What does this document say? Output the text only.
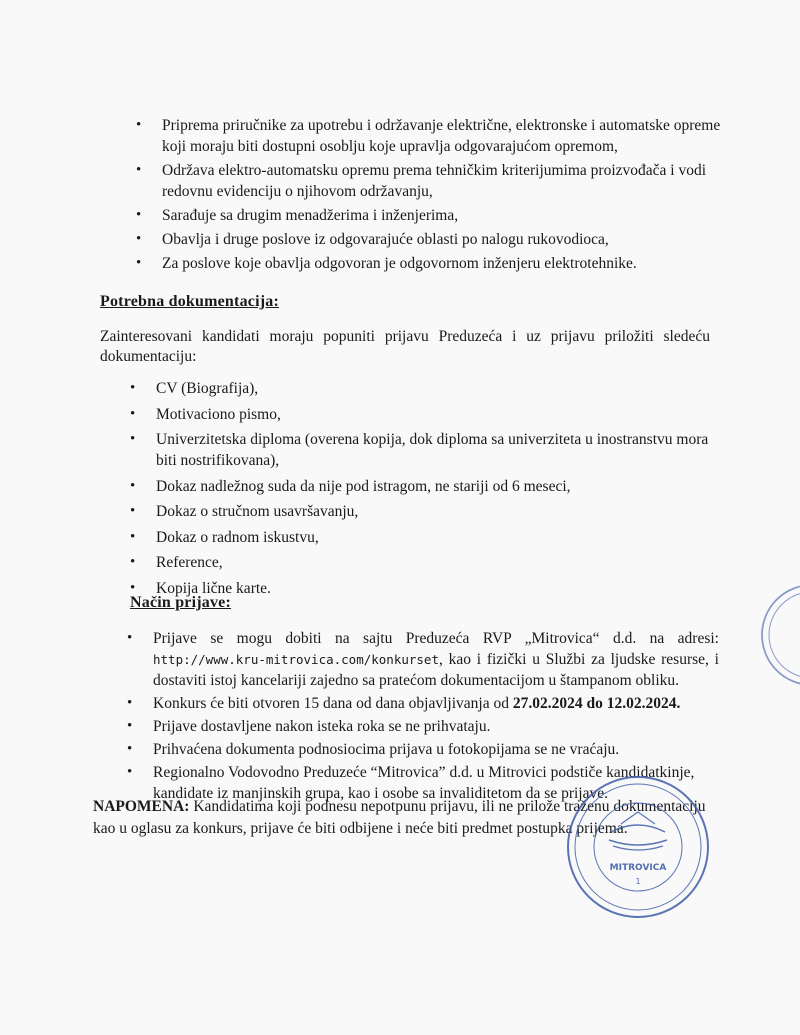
• Priprema priručnike za upotrebu i održavanje električne, elektronske i automatske opreme koji moraju biti dostupni osoblju koje upravlja odgovarajućom opremom,
• Održava elektro-automatsku opremu prema tehničkim kriterijumima proizvođača i vodi redovnu evidenciju o njihovom održavanju,
• Sarađuje sa drugim menadžerima i inženjerima,
• Obavlja i druge poslove iz odgovarajuće oblasti po nalogu rukovodioca,
• Za poslove koje obavlja odgovoran je odgovornom inženjeru elektrotehnike.
Potrebna dokumentacija:
Zainteresovani kandidati moraju popuniti prijavu Preduzeća i uz prijavu priložiti sledeću dokumentaciju:
• CV (Biografija),
• Motivaciono pismo,
• Univerzitetska diploma (overena kopija, dok diploma sa univerziteta u inostranstvu mora biti nostrifikovana),
• Dokaz nadležnog suda da nije pod istragom, ne stariji od 6 meseci,
• Dokaz o stručnom usavršavanju,
• Dokaz o radnom iskustvu,
• Reference,
• Kopija lične karte.
Način prijave:
• Prijave se mogu dobiti na sajtu Preduzeća RVP „Mitrovica“ d.d. na adresi: http://www.kru-mitrovica.com/konkurset, kao i fizički u Službi za ljudske resurse, i dostaviti istoj kancelariji zajedno sa pratećom dokumentacijom u štampanom obliku.
• Konkurs će biti otvoren 15 dana od dana objavljivanja od 27.02.2024 do 12.02.2024.
• Prijave dostavljene nakon isteka roka se ne prihvataju.
• Prihvaćena dokumenta podnosiocima prijava u fotokopijama se ne vraćaju.
• Regionalno Vodovodno Preduzeće “Mitrovica” d.d. u Mitrovici podstiče kandidatkinje, kandidate iz manjinskih grupa, kao i osobe sa invaliditetom da se prijave.
NAPOMENA: Kandidatima koji podnesu nepotpunu prijavu, ili ne prilože traženu dokumentaciju kao u oglasu za konkurs, prijave će biti odbijene i neće biti predmet postupka prijema.
MITROVICA
1
